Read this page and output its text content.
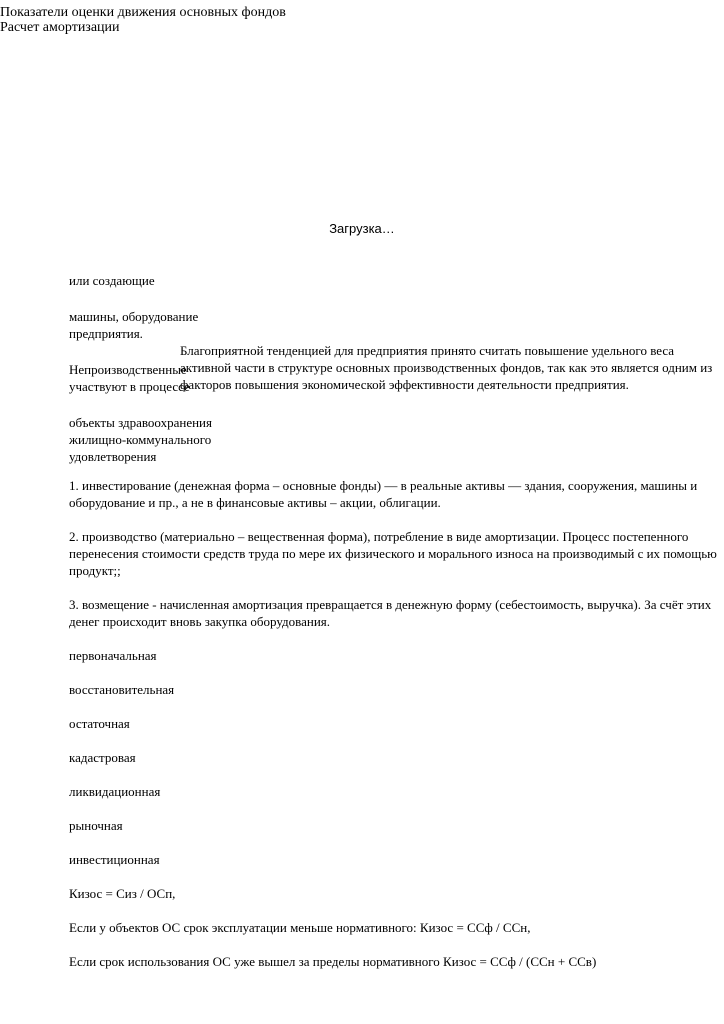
Показатели оценки движения основных фондов
Расчет амортизации
Загрузка…

или создающие

машины, оборудование
предприятия.

Непроизводственные
участвуют в процессе

объекты здравоохранения
жилищно-коммунального
удовлетворения

Благоприятной тенденцией для предприятия принято считать повышение удельного веса активной части в структуре основных производственных фондов, так как это является одним из факторов повышения экономической эффективности деятельности предприятия.

1. инвестирование (денежная форма – основные фонды) — в реальные активы — здания, сооружения, машины и оборудование и пр., а не в финансовые активы – акции, облигации.

2. производство (материально – вещественная форма), потребление в виде амортизации. Процесс постепенного перенесения стоимости средств труда по мере их физического и морального износа на производимый с их помощью продукт;;

3. возмещение - начисленная амортизация превращается в денежную форму (себестоимость, выручка). За счёт этих денег происходит вновь закупка оборудования.

первоначальная

восстановительная

остаточная

кадастровая

ликвидационная

рыночная

инвестиционная

Кизос = Сиз / ОСп,

Если у объектов ОС срок эксплуатации меньше нормативного: Кизос = ССф / ССн,

Если срок использования ОС уже вышел за пределы нормативного Кизос = ССф / (ССн + ССв)
